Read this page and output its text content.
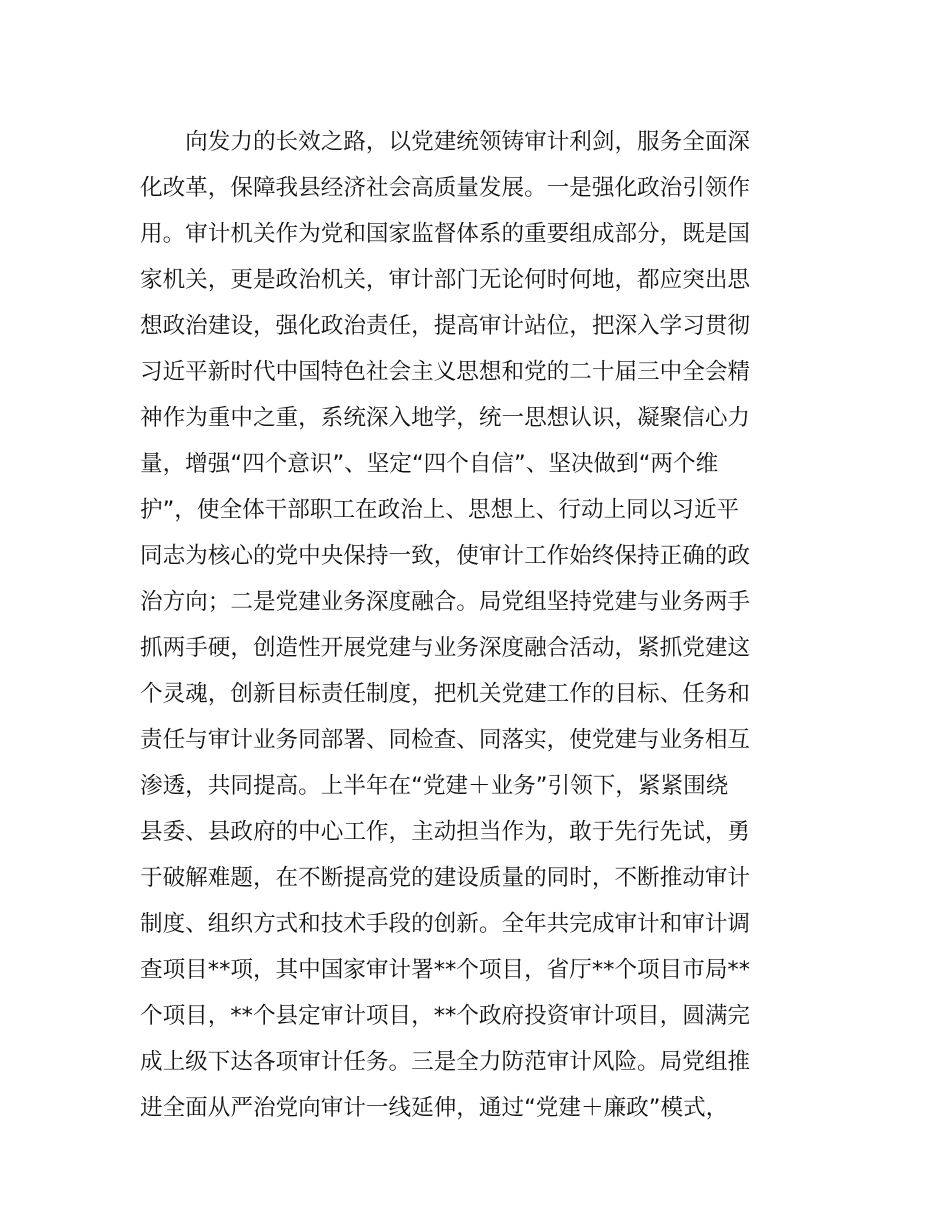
　　向发力的长效之路，以党建统领铸审计利剑，服务全面深
化改革，保障我县经济社会高质量发展。一是强化政治引领作
用。审计机关作为党和国家监督体系的重要组成部分，既是国
家机关，更是政治机关，审计部门无论何时何地，都应突出思
想政治建设，强化政治责任，提高审计站位，把深入学习贯彻
习近平新时代中国特色社会主义思想和党的二十届三中全会精
神作为重中之重，系统深入地学，统一思想认识，凝聚信心力
量，增强“四个意识”、坚定“四个自信”、坚决做到“两个维
护”，使全体干部职工在政治上、思想上、行动上同以习近平
同志为核心的党中央保持一致，使审计工作始终保持正确的政
治方向；二是党建业务深度融合。局党组坚持党建与业务两手
抓两手硬，创造性开展党建与业务深度融合活动，紧抓党建这
个灵魂，创新目标责任制度，把机关党建工作的目标、任务和
责任与审计业务同部署、同检查、同落实，使党建与业务相互
渗透，共同提高。上半年在“党建＋业务”引领下，紧紧围绕
县委、县政府的中心工作，主动担当作为，敢于先行先试，勇
于破解难题，在不断提高党的建设质量的同时，不断推动审计
制度、组织方式和技术手段的创新。全年共完成审计和审计调
查项目**项，其中国家审计署**个项目，省厅**个项目市局**
个项目，**个县定审计项目，**个政府投资审计项目，圆满完
成上级下达各项审计任务。三是全力防范审计风险。局党组推
进全面从严治党向审计一线延伸，通过“党建＋廉政”模式，
